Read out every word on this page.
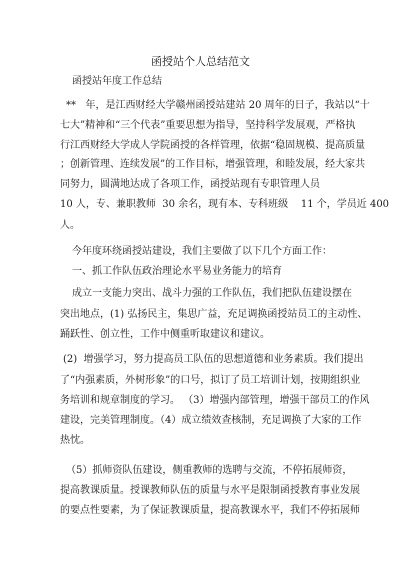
函授站个人总结范文
函授站年度工作总结
**   年，是江西财经大学赣州函授站建站 20 周年的日子，我站以“十
七大”精神和“三个代表”重要思想为指导，坚持科学发展观，严格执
行江西财经大学成人学院函授的各样管理，依据“稳固规模、提高质量
；创新管理、连续发展”的工作目标，增强管理，和睦发展，经大家共
同努力，圆满地达成了各项工作，函授站现有专职管理人员
10 人，专、兼职教师  30 余名，现有本、专科班级    11 个，学员近 400
人。
今年度环绕函授站建设，我们主要做了以下几个方面工作：
一、抓工作队伍政治理论水平易业务能力的培育
成立一支能力突出、战斗力强的工作队伍，我们把队伍建设摆在
突出地点，(1) 弘扬民主，集思广益，充足调换函授站员工的主动性、
踊跃性、创立性，工作中侧重听取建议和建议。
(2)  增强学习，努力提高员工队伍的思想道德和业务素质。我们提出
了“内强素质，外树形象”的口号，拟订了员工培训计划，按期组织业
务培训和规章制度的学习。 （3）增强内部管理，增强干部员工的作风
建设，完美管理制度。（4）成立绩效查核制，充足调换了大家的工作
热忱。
（5）抓师资队伍建设，侧重教师的选聘与交流，不停拓展师资，
提高教课质量。授课教师队伍的质量与水平是限制函授教育事业发展
的要点性要素，为了保证教课质量，提高教课水平，我们不停拓展师
